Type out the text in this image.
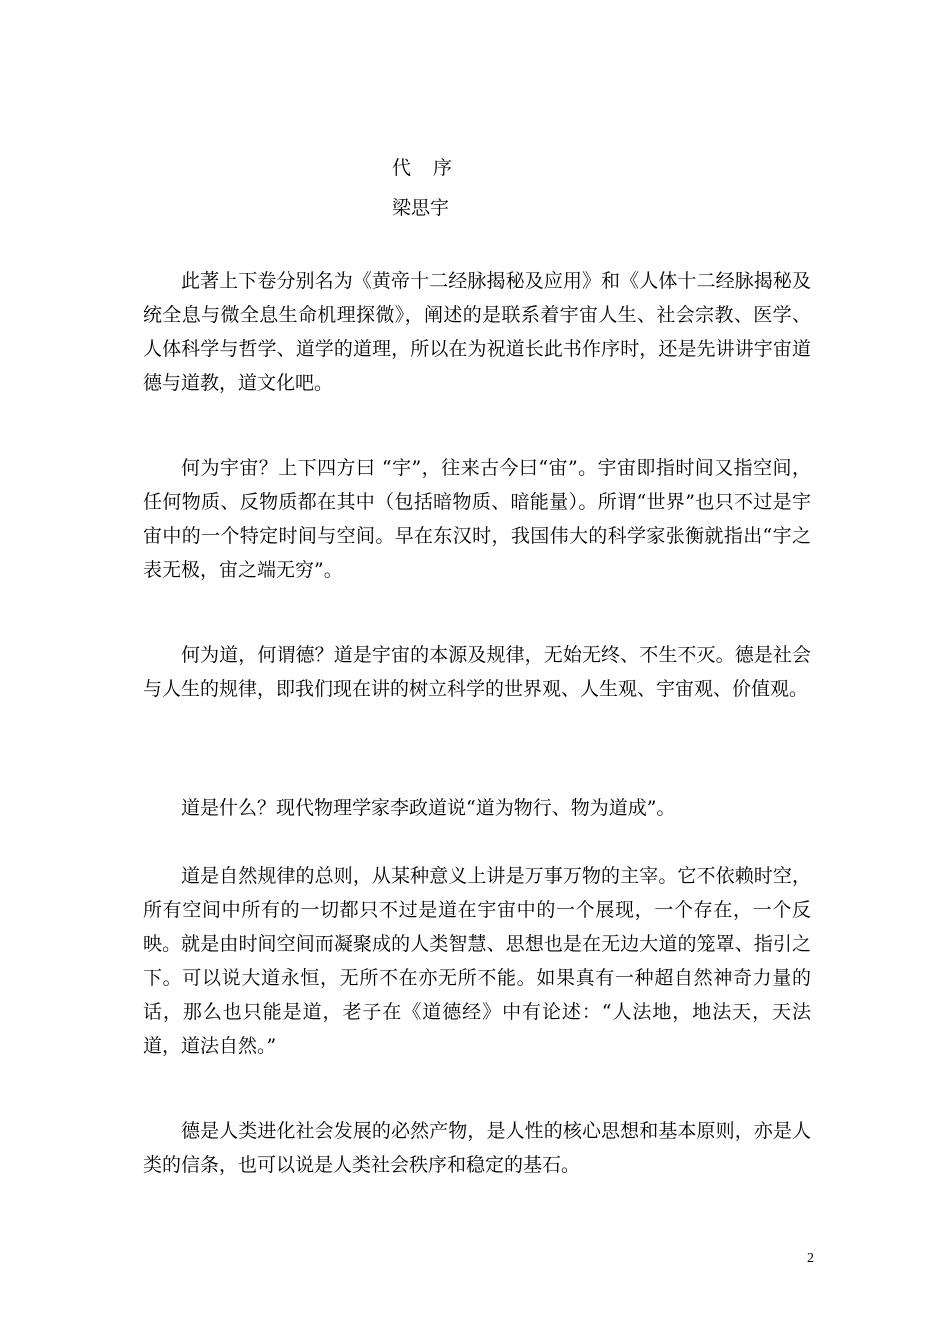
代 序
梁思宇

此著上下卷分别名为《黄帝十二经脉揭秘及应用》和《人体十二经脉揭秘及统全息与微全息生命机理探微》，阐述的是联系着宇宙人生、社会宗教、医学、人体科学与哲学、道学的道理，所以在为祝道长此书作序时，还是先讲讲宇宙道德与道教，道文化吧。

何为宇宙？上下四方曰 “宇”，往来古今曰“宙”。宇宙即指时间又指空间，任何物质、反物质都在其中（包括暗物质、暗能量）。所谓“世界”也只不过是宇宙中的一个特定时间与空间。早在东汉时，我国伟大的科学家张衡就指出“宇之表无极，宙之端无穷”。

何为道，何谓德？道是宇宙的本源及规律，无始无终、不生不灭。德是社会与人生的规律，即我们现在讲的树立科学的世界观、人生观、宇宙观、价值观。

道是什么？现代物理学家李政道说“道为物行、物为道成”。

道是自然规律的总则，从某种意义上讲是万事万物的主宰。它不依赖时空，所有空间中所有的一切都只不过是道在宇宙中的一个展现，一个存在，一个反映。就是由时间空间而凝聚成的人类智慧、思想也是在无边大道的笼罩、指引之下。可以说大道永恒，无所不在亦无所不能。如果真有一种超自然神奇力量的话，那么也只能是道，老子在《道德经》中有论述：“人法地，地法天，天法道，道法自然。”

德是人类进化社会发展的必然产物，是人性的核心思想和基本原则，亦是人类的信条，也可以说是人类社会秩序和稳定的基石。

2
